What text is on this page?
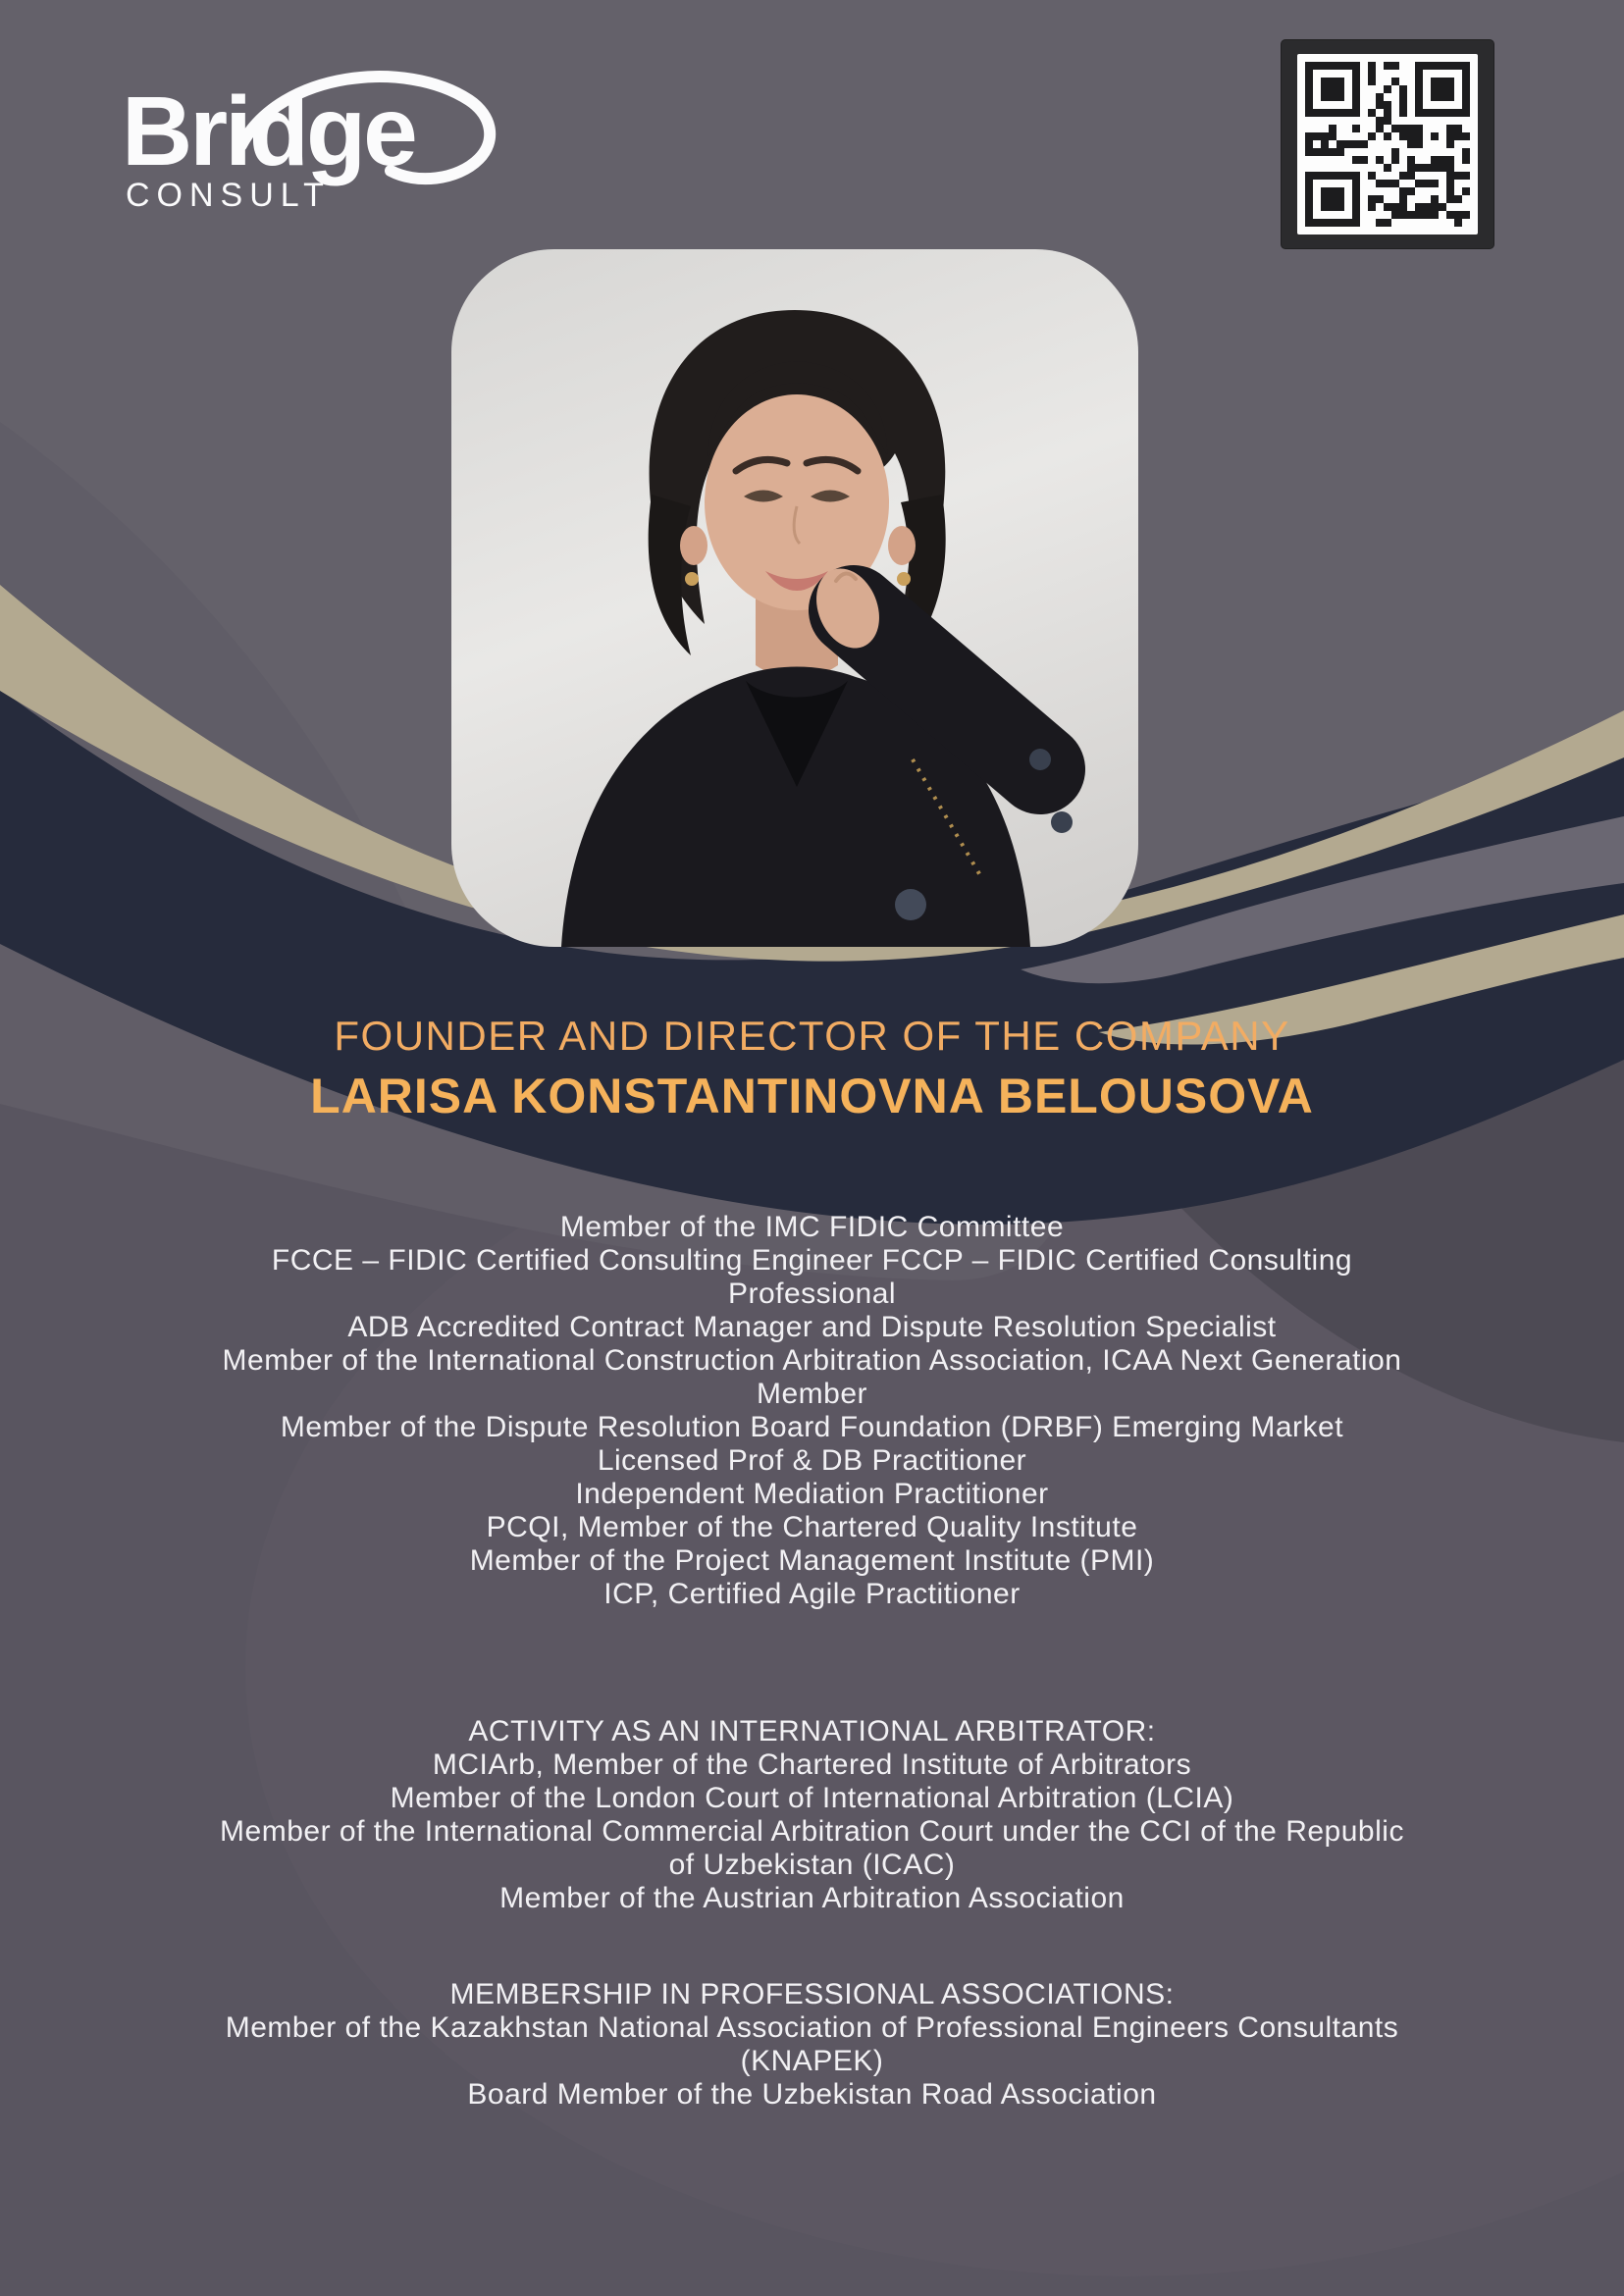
Bridge
CONSULT
FOUNDER AND DIRECTOR OF THE COMPANY
LARISA KONSTANTINOVNA BELOUSOVA
Member of the IMC FIDIC Committee
FCCE – FIDIC Certified Consulting Engineer FCCP – FIDIC Certified Consulting Professional
ADB Accredited Contract Manager and Dispute Resolution Specialist
Member of the International Construction Arbitration Association, ICAA Next Generation Member
Member of the Dispute Resolution Board Foundation (DRBF) Emerging Market Licensed Prof & DB Practitioner
Independent Mediation Practitioner
PCQI, Member of the Chartered Quality Institute
Member of the Project Management Institute (PMI)
ICP, Certified Agile Practitioner
ACTIVITY AS AN INTERNATIONAL ARBITRATOR:
MCIArb, Member of the Chartered Institute of Arbitrators
Member of the London Court of International Arbitration (LCIA)
Member of the International Commercial Arbitration Court under the CCI of the Republic of Uzbekistan (ICAC)
Member of the Austrian Arbitration Association
MEMBERSHIP IN PROFESSIONAL ASSOCIATIONS:
Member of the Kazakhstan National Association of Professional Engineers Consultants (KNAPEK)
Board Member of the Uzbekistan Road Association
